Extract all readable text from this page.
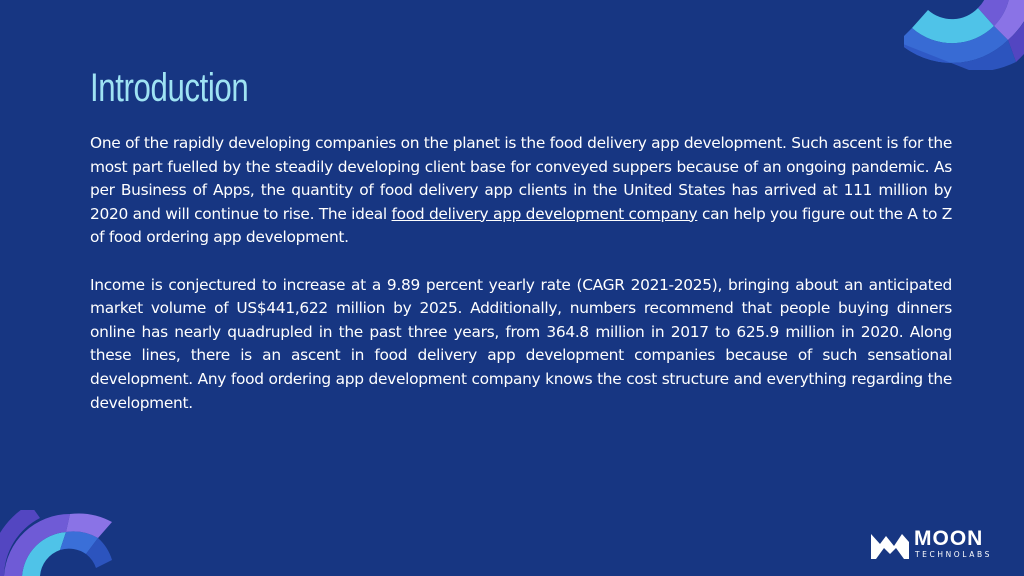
Introduction

One of the rapidly developing companies on the planet is the food delivery app development. Such ascent is for the most part fuelled by the steadily developing client base for conveyed suppers because of an ongoing pandemic. As per Business of Apps, the quantity of food delivery app clients in the United States has arrived at 111 million by 2020 and will continue to rise. The ideal food delivery app development company can help you figure out the A to Z of food ordering app development.

Income is conjectured to increase at a 9.89 percent yearly rate (CAGR 2021-2025), bringing about an anticipated market volume of US$441,622 million by 2025. Additionally, numbers recommend that people buying dinners online has nearly quadrupled in the past three years, from 364.8 million in 2017 to 625.9 million in 2020. Along these lines, there is an ascent in food delivery app development companies because of such sensational development. Any food ordering app development company knows the cost structure and everything regarding the development.

MOON
TECHNOLABS
